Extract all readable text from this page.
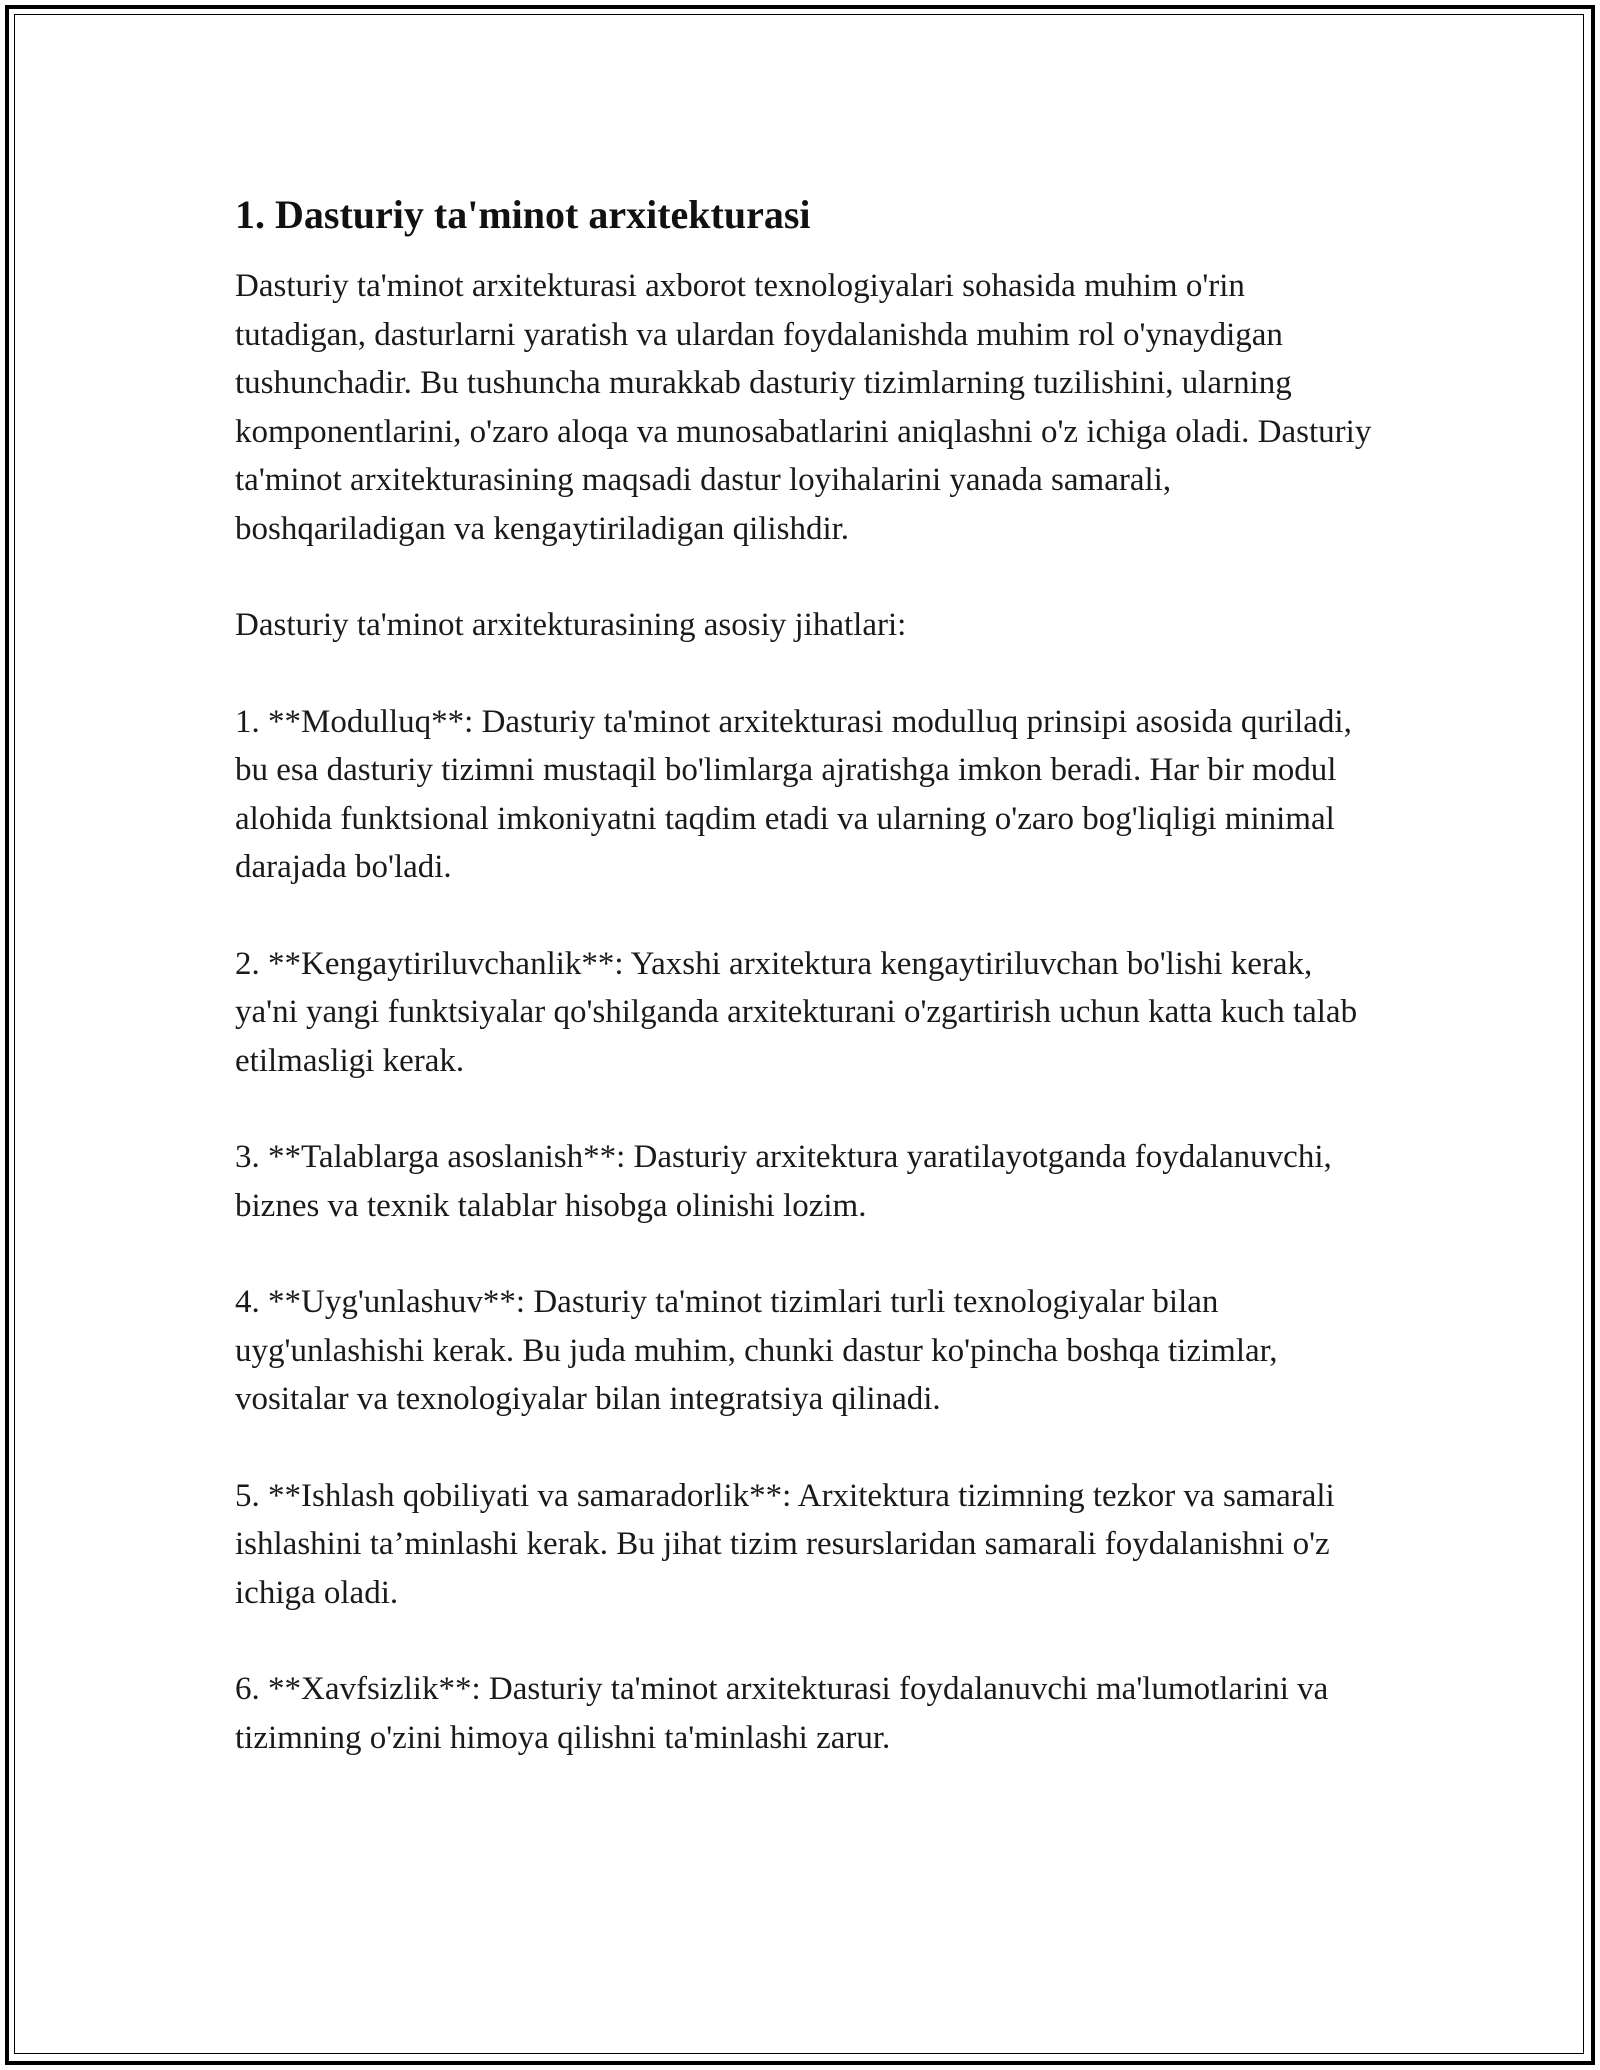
1. Dasturiy ta'minot arxitekturasi

Dasturiy ta'minot arxitekturasi axborot texnologiyalari sohasida muhim o'rin tutadigan, dasturlarni yaratish va ulardan foydalanishda muhim rol o'ynaydigan tushunchadir. Bu tushuncha murakkab dasturiy tizimlarning tuzilishini, ularning komponentlarini, o'zaro aloqa va munosabatlarini aniqlashni o'z ichiga oladi. Dasturiy ta'minot arxitekturasining maqsadi dastur loyihalarini yanada samarali, boshqariladigan va kengaytiriladigan qilishdir.

Dasturiy ta'minot arxitekturasining asosiy jihatlari:

1. **Modulluq**: Dasturiy ta'minot arxitekturasi modulluq prinsipi asosida quriladi, bu esa dasturiy tizimni mustaqil bo'limlarga ajratishga imkon beradi. Har bir modul alohida funktsional imkoniyatni taqdim etadi va ularning o'zaro bog'liqligi minimal darajada bo'ladi.

2. **Kengaytiriluvchanlik**: Yaxshi arxitektura kengaytiriluvchan bo'lishi kerak, ya'ni yangi funktsiyalar qo'shilganda arxitekturani o'zgartirish uchun katta kuch talab etilmasligi kerak.

3. **Talablarga asoslanish**: Dasturiy arxitektura yaratilayotganda foydalanuvchi, biznes va texnik talablar hisobga olinishi lozim.

4. **Uyg'unlashuv**: Dasturiy ta'minot tizimlari turli texnologiyalar bilan uyg'unlashishi kerak. Bu juda muhim, chunki dastur ko'pincha boshqa tizimlar, vositalar va texnologiyalar bilan integratsiya qilinadi.

5. **Ishlash qobiliyati va samaradorlik**: Arxitektura tizimning tezkor va samarali ishlashini ta’minlashi kerak. Bu jihat tizim resurslaridan samarali foydalanishni o'z ichiga oladi.

6. **Xavfsizlik**: Dasturiy ta'minot arxitekturasi foydalanuvchi ma'lumotlarini va tizimning o'zini himoya qilishni ta'minlashi zarur.
